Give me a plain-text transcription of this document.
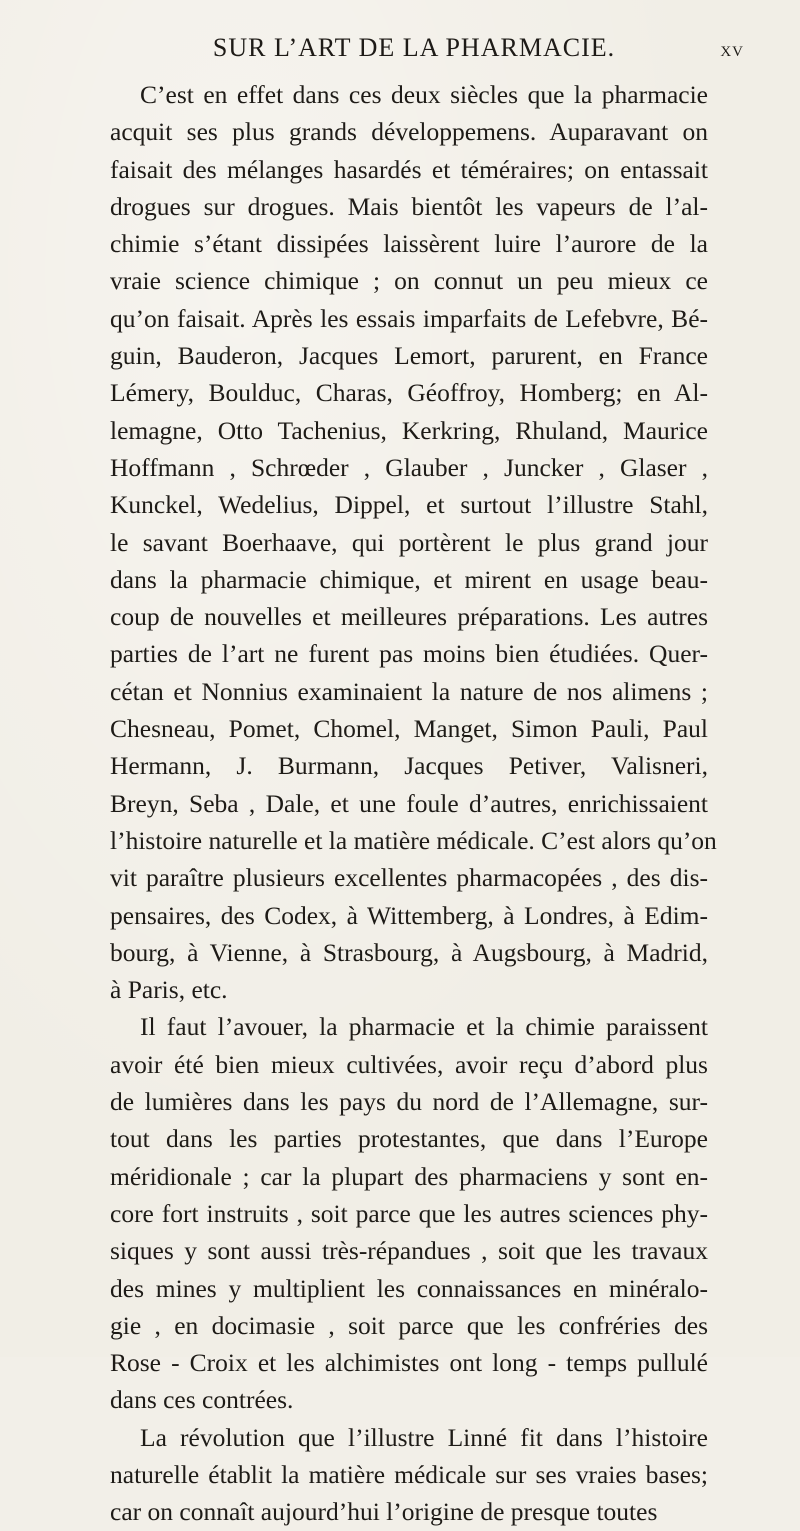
SUR L’ART DE LA PHARMACIE.	xv

C’est en effet dans ces deux siècles que la pharmacie
acquit ses plus grands développemens. Auparavant on
faisait des mélanges hasardés et téméraires; on entassait
drogues sur drogues. Mais bientôt les vapeurs de l’al-
chimie s’étant dissipées laissèrent luire l’aurore de la
vraie science chimique ; on connut un peu mieux ce
qu’on faisait. Après les essais imparfaits de Lefebvre, Bé-
guin, Bauderon, Jacques Lemort, parurent, en France
Lémery, Boulduc, Charas, Géoffroy, Homberg; en Al-
lemagne, Otto Tachenius, Kerkring, Rhuland, Maurice
Hoffmann , Schrœder , Glauber , Juncker , Glaser ,
Kunckel, Wedelius, Dippel, et surtout l’illustre Stahl,
le savant Boerhaave, qui portèrent le plus grand jour
dans la pharmacie chimique, et mirent en usage beau-
coup de nouvelles et meilleures préparations. Les autres
parties de l’art ne furent pas moins bien étudiées. Quer-
cétan et Nonnius examinaient la nature de nos alimens ;
Chesneau, Pomet, Chomel, Manget, Simon Pauli, Paul
Hermann, J. Burmann, Jacques Petiver, Valisneri,
Breyn, Seba , Dale, et une foule d’autres, enrichissaient
l’histoire naturelle et la matière médicale. C’est alors qu’on
vit paraître plusieurs excellentes pharmacopées , des dis-
pensaires, des Codex, à Wittemberg, à Londres, à Edim-
bourg, à Vienne, à Strasbourg, à Augsbourg, à Madrid,
à Paris, etc.

Il faut l’avouer, la pharmacie et la chimie paraissent
avoir été bien mieux cultivées, avoir reçu d’abord plus
de lumières dans les pays du nord de l’Allemagne, sur-
tout dans les parties protestantes, que dans l’Europe
méridionale ; car la plupart des pharmaciens y sont en-
core fort instruits , soit parce que les autres sciences phy-
siques y sont aussi très-répandues , soit que les travaux
des mines y multiplient les connaissances en minéralo-
gie , en docimasie , soit parce que les confréries des
Rose - Croix et les alchimistes ont long - temps pullulé
dans ces contrées.

La révolution que l’illustre Linné fit dans l’histoire
naturelle établit la matière médicale sur ses vraies bases;
car on connaît aujourd’hui l’origine de presque toutes
